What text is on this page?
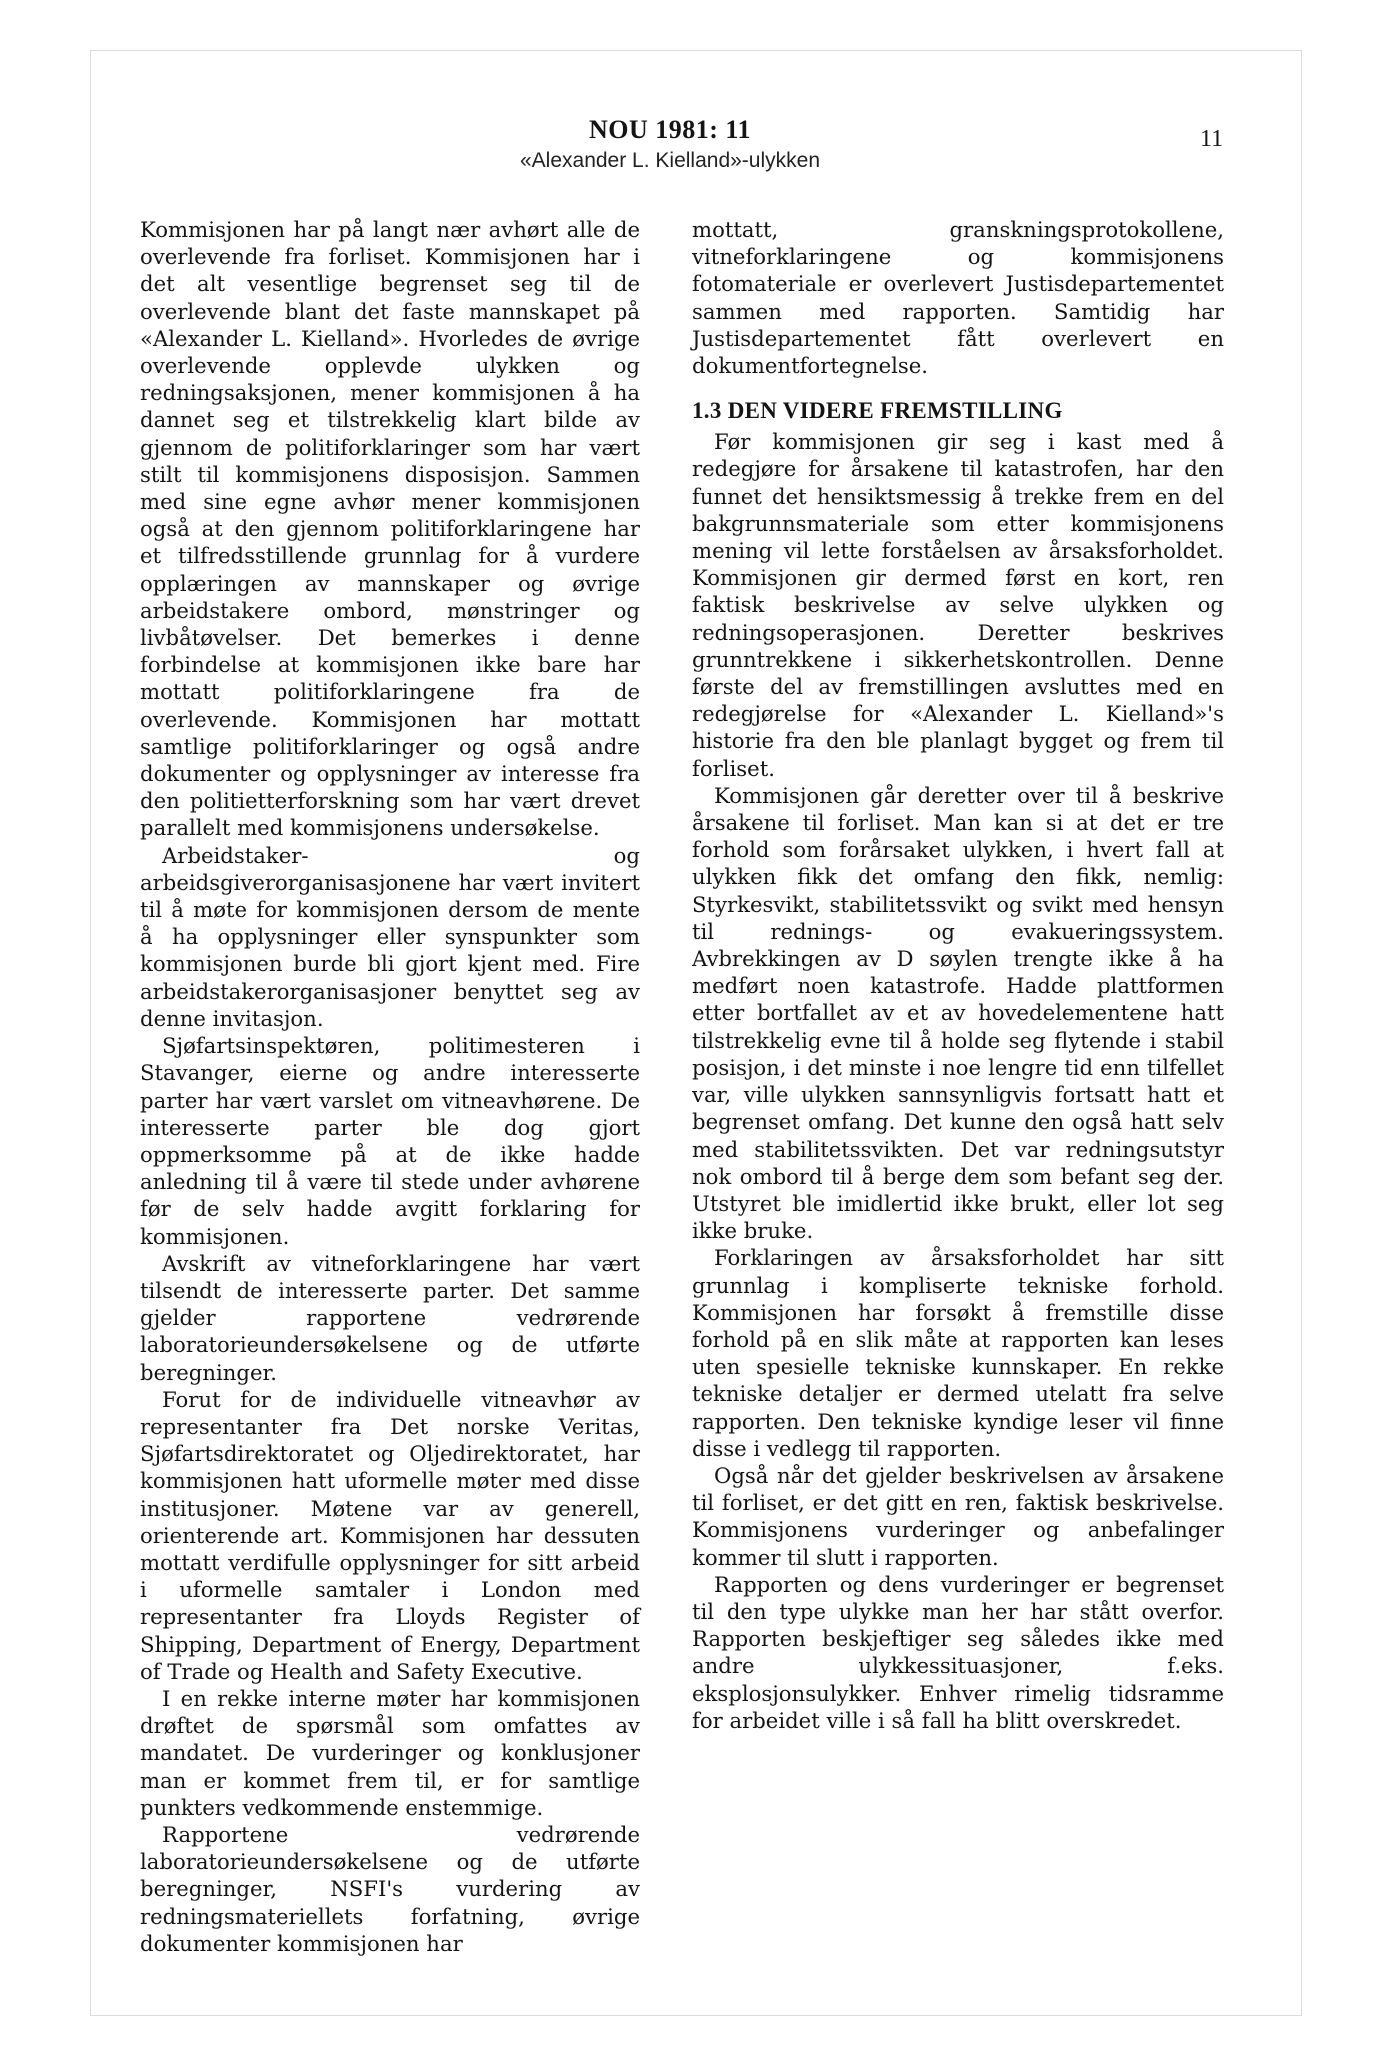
NOU 1981: 11

«Alexander L. Kielland»-ulykken

11

Kommisjonen har på langt nær avhørt alle de overlevende fra forliset. Kommisjonen har i det alt vesentlige begrenset seg til de overlevende blant det faste mannskapet på «Alexander L. Kielland». Hvorledes de øvrige overlevende opplevde ulykken og redningsaksjonen, mener kommisjonen å ha dannet seg et tilstrekkelig klart bilde av gjennom de politiforklaringer som har vært stilt til kommisjonens disposisjon. Sammen med sine egne avhør mener kommisjonen også at den gjennom politiforklaringene har et tilfredsstillende grunnlag for å vurdere opplæringen av mannskaper og øvrige arbeidstakere ombord, mønstringer og livbåtøvelser. Det bemerkes i denne forbindelse at kommisjonen ikke bare har mottatt politiforklaringene fra de overlevende. Kommisjonen har mottatt samtlige politiforklaringer og også andre dokumenter og opplysninger av interesse fra den politietterforskning som har vært drevet parallelt med kommisjonens undersøkelse.

Arbeidstaker- og arbeidsgiverorganisasjonene har vært invitert til å møte for kommisjonen dersom de mente å ha opplysninger eller synspunkter som kommisjonen burde bli gjort kjent med. Fire arbeidstakerorganisasjoner benyttet seg av denne invitasjon.

Sjøfartsinspektøren, politimesteren i Stavanger, eierne og andre interesserte parter har vært varslet om vitneavhørene. De interesserte parter ble dog gjort oppmerksomme på at de ikke hadde anledning til å være til stede under avhørene før de selv hadde avgitt forklaring for kommisjonen.

Avskrift av vitneforklaringene har vært tilsendt de interesserte parter. Det samme gjelder rapportene vedrørende laboratorieundersøkelsene og de utførte beregninger.

Forut for de individuelle vitneavhør av representanter fra Det norske Veritas, Sjøfartsdirektoratet og Oljedirektoratet, har kommisjonen hatt uformelle møter med disse institusjoner. Møtene var av generell, orienterende art. Kommisjonen har dessuten mottatt verdifulle opplysninger for sitt arbeid i uformelle samtaler i London med representanter fra Lloyds Register of Shipping, Department of Energy, Department of Trade og Health and Safety Executive.

I en rekke interne møter har kommisjonen drøftet de spørsmål som omfattes av mandatet. De vurderinger og konklusjoner man er kommet frem til, er for samtlige punkters vedkommende enstemmige.

Rapportene vedrørende laboratorieundersøkelsene og de utførte beregninger, NSFI's vurdering av redningsmateriellets forfatning, øvrige dokumenter kommisjonen har

mottatt, granskningsprotokollene, vitneforklaringene og kommisjonens fotomateriale er overlevert Justisdepartementet sammen med rapporten. Samtidig har Justisdepartementet fått overlevert en dokumentfortegnelse.

1.3 DEN VIDERE FREMSTILLING

Før kommisjonen gir seg i kast med å redegjøre for årsakene til katastrofen, har den funnet det hensiktsmessig å trekke frem en del bakgrunnsmateriale som etter kommisjonens mening vil lette forståelsen av årsaksforholdet. Kommisjonen gir dermed først en kort, ren faktisk beskrivelse av selve ulykken og redningsoperasjonen. Deretter beskrives grunntrekkene i sikkerhetskontrollen. Denne første del av fremstillingen avsluttes med en redegjørelse for «Alexander L. Kielland»'s historie fra den ble planlagt bygget og frem til forliset.

Kommisjonen går deretter over til å beskrive årsakene til forliset. Man kan si at det er tre forhold som forårsaket ulykken, i hvert fall at ulykken fikk det omfang den fikk, nemlig: Styrkesvikt, stabilitetssvikt og svikt med hensyn til rednings- og evakueringssystem. Avbrekkingen av D søylen trengte ikke å ha medført noen katastrofe. Hadde plattformen etter bortfallet av et av hovedelementene hatt tilstrekkelig evne til å holde seg flytende i stabil posisjon, i det minste i noe lengre tid enn tilfellet var, ville ulykken sannsynligvis fortsatt hatt et begrenset omfang. Det kunne den også hatt selv med stabilitetssvikten. Det var redningsutstyr nok ombord til å berge dem som befant seg der. Utstyret ble imidlertid ikke brukt, eller lot seg ikke bruke.

Forklaringen av årsaksforholdet har sitt grunnlag i kompliserte tekniske forhold. Kommisjonen har forsøkt å fremstille disse forhold på en slik måte at rapporten kan leses uten spesielle tekniske kunnskaper. En rekke tekniske detaljer er dermed utelatt fra selve rapporten. Den tekniske kyndige leser vil finne disse i vedlegg til rapporten.

Også når det gjelder beskrivelsen av årsakene til forliset, er det gitt en ren, faktisk beskrivelse. Kommisjonens vurderinger og anbefalinger kommer til slutt i rapporten.

Rapporten og dens vurderinger er begrenset til den type ulykke man her har stått overfor. Rapporten beskjeftiger seg således ikke med andre ulykkessituasjoner, f.eks. eksplosjonsulykker. Enhver rimelig tidsramme for arbeidet ville i så fall ha blitt overskredet.
